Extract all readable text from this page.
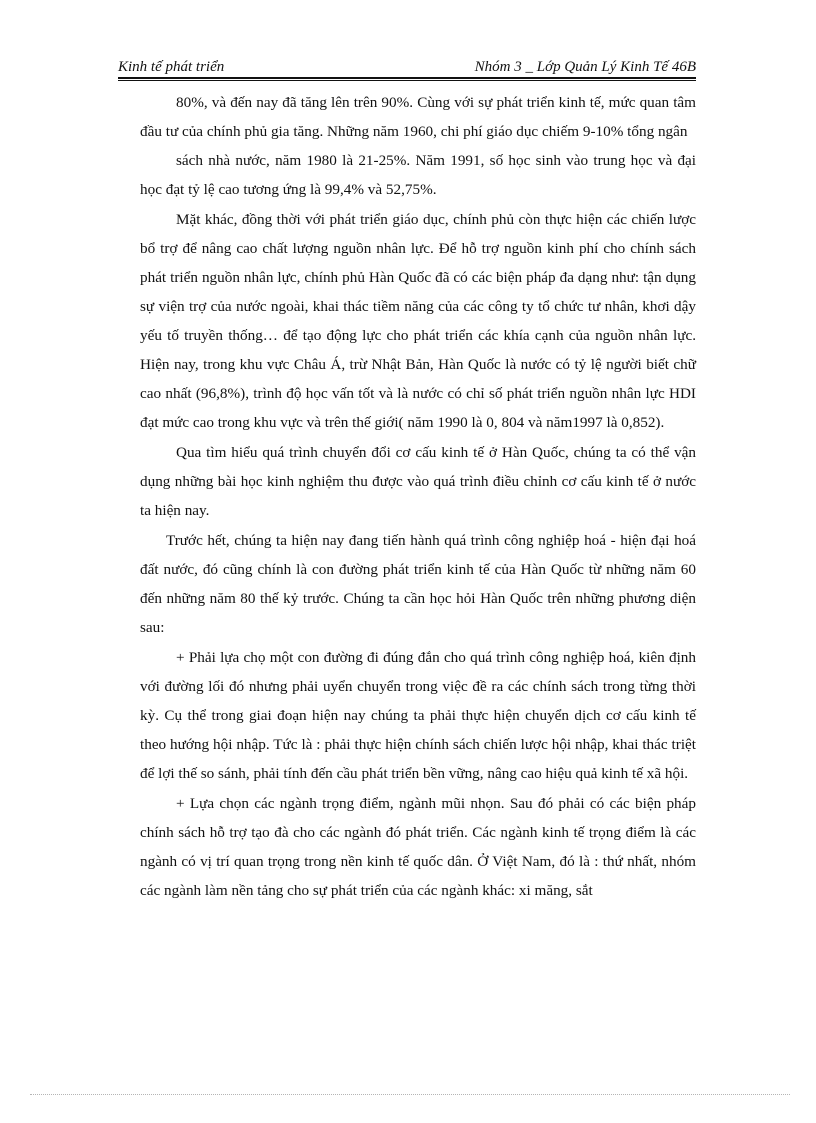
Kinh tế phát triển	Nhóm 3 _ Lớp Quản Lý Kinh Tế 46B

80%, và đến nay đã tăng lên trên 90%. Cùng với sự phát triển kinh tế, mức quan tâm đầu tư của chính phủ gia tăng. Những năm 1960, chi phí giáo dục chiếm 9-10% tổng ngân

sách nhà nước, năm 1980 là 21-25%. Năm 1991, số học sinh vào trung học và đại học đạt tỷ lệ cao tương ứng là 99,4% và 52,75%.

Mặt khác, đồng thời với phát triển giáo dục, chính phủ còn thực hiện các chiến lược bổ trợ để nâng cao chất lượng nguồn nhân lực. Để hỗ trợ nguồn kinh phí cho chính sách phát triển nguồn nhân lực, chính phủ Hàn Quốc đã có các biện pháp đa dạng như: tận dụng sự viện trợ của nước ngoài, khai thác tiềm năng của các công ty tổ chức tư nhân, khơi dậy yếu tố truyền thống… để tạo động lực cho phát triển các khía cạnh của nguồn nhân lực. Hiện nay, trong khu vực Châu Á, trừ Nhật Bản, Hàn Quốc là nước có tỷ lệ người biết chữ cao nhất (96,8%), trình độ học vấn tốt và là nước có chỉ số phát triển nguồn nhân lực HDI đạt mức cao trong khu vực và trên thế giới( năm 1990 là 0, 804 và năm1997 là 0,852).

Qua tìm hiểu quá trình chuyển đổi cơ cấu kinh tế ở Hàn Quốc, chúng ta có thể vận dụng những bài học kinh nghiệm thu được vào quá trình điều chỉnh cơ cấu kinh tế ở nước ta hiện nay.

Trước hết, chúng ta hiện nay đang tiến hành quá trình công nghiệp hoá - hiện đại hoá đất nước, đó cũng chính là con đường phát triển kinh tế của Hàn Quốc từ những năm 60 đến những năm 80 thế kỷ trước. Chúng ta cần học hỏi Hàn Quốc trên những phương diện sau:

+ Phải lựa chọ một con đường đi đúng đắn cho quá trình công nghiệp hoá, kiên định với đường lối đó nhưng phải uyển chuyển trong việc đề ra các chính sách trong từng thời kỳ. Cụ thể trong giai đoạn hiện nay chúng ta phải thực hiện chuyển dịch cơ cấu kinh tế theo hướng hội nhập. Tức là : phải thực hiện chính sách chiến lược hội nhập, khai thác triệt để lợi thế so sánh, phải tính đến cầu phát triển bền vững, nâng cao hiệu quả kinh tế xã hội.

+ Lựa chọn các ngành trọng điểm, ngành mũi nhọn. Sau đó phải có các biện pháp chính sách hỗ trợ tạo đà cho các ngành đó phát triển. Các ngành kinh tế trọng điểm là các ngành có vị trí quan trọng trong nền kinh tế quốc dân. Ở Việt Nam, đó là : thứ nhất, nhóm các ngành làm nền tảng cho sự phát triển của các ngành khác: xi măng, sắt
